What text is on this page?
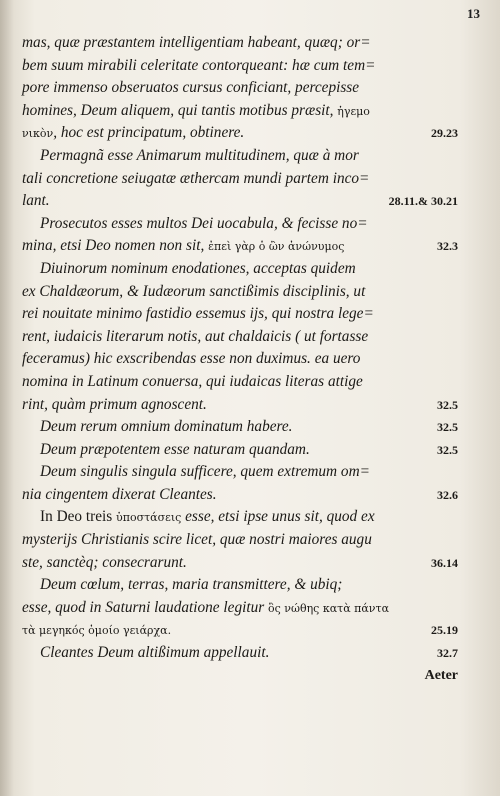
13
mas, quæ præstantem intelligentiam habeant, quæq; or=
bem suum mirabili celeritate contorqueant: hæ cum tem=
pore immenso obseruatos cursus conficiant, percepisse
homines, Deum aliquem, qui tantis motibus præsit, ἡγεμο
νικὸν, hoc est principatum, obtinere.	29.23
Permagnã esse Animarum multitudinem, quæ à mor
tali concretione seiugatæ æthercam mundi partem inco=
lant.	28.11.& 30.21
Prosecutos esses multos Dei uocabula, & fecisse no=
mina, etsi Deo nomen non sit, ἐπεὶ γὰρ ὁ ὢν ἀνώνυμος	32.3
Diuinorum nominum enodationes, acceptas quidem
ex Chaldæorum, & Iudæorum sanctißimis disciplinis, ut
rei nouitate minimo fastidio essemus ijs, qui nostra lege=
rent, iudaicis literarum notis, aut chaldaicis ( ut fortasse
feceramus) hic exscribendas esse non duximus. ea uero
nomina in Latinum conuersa, qui iudaicas literas attige
rint, quàm primum agnoscent.	32.5
Deum rerum omnium dominatum habere.	32.5
Deum præpotentem esse naturam quandam.	32.5
Deum singulis singula sufficere, quem extremum om=
nia cingentem dixerat Cleantes.	32.6
In Deo treis ὑποστάσεις esse, etsi ipse unus sit, quod ex
mysterijs Christianis scire licet, quæ nostri maiores augu
ste, sanctèq; consecrarunt.	36.14
Deum cœlum, terras, maria transmittere, & ubiq;
esse, quod in Saturni laudatione legitur ὃς νώθης κατὰ πάντα
τὰ μεγηκός ὁμοίο γειάρχα.	25.19
Cleantes Deum altißimum appellauit.	32.7
Aeter
